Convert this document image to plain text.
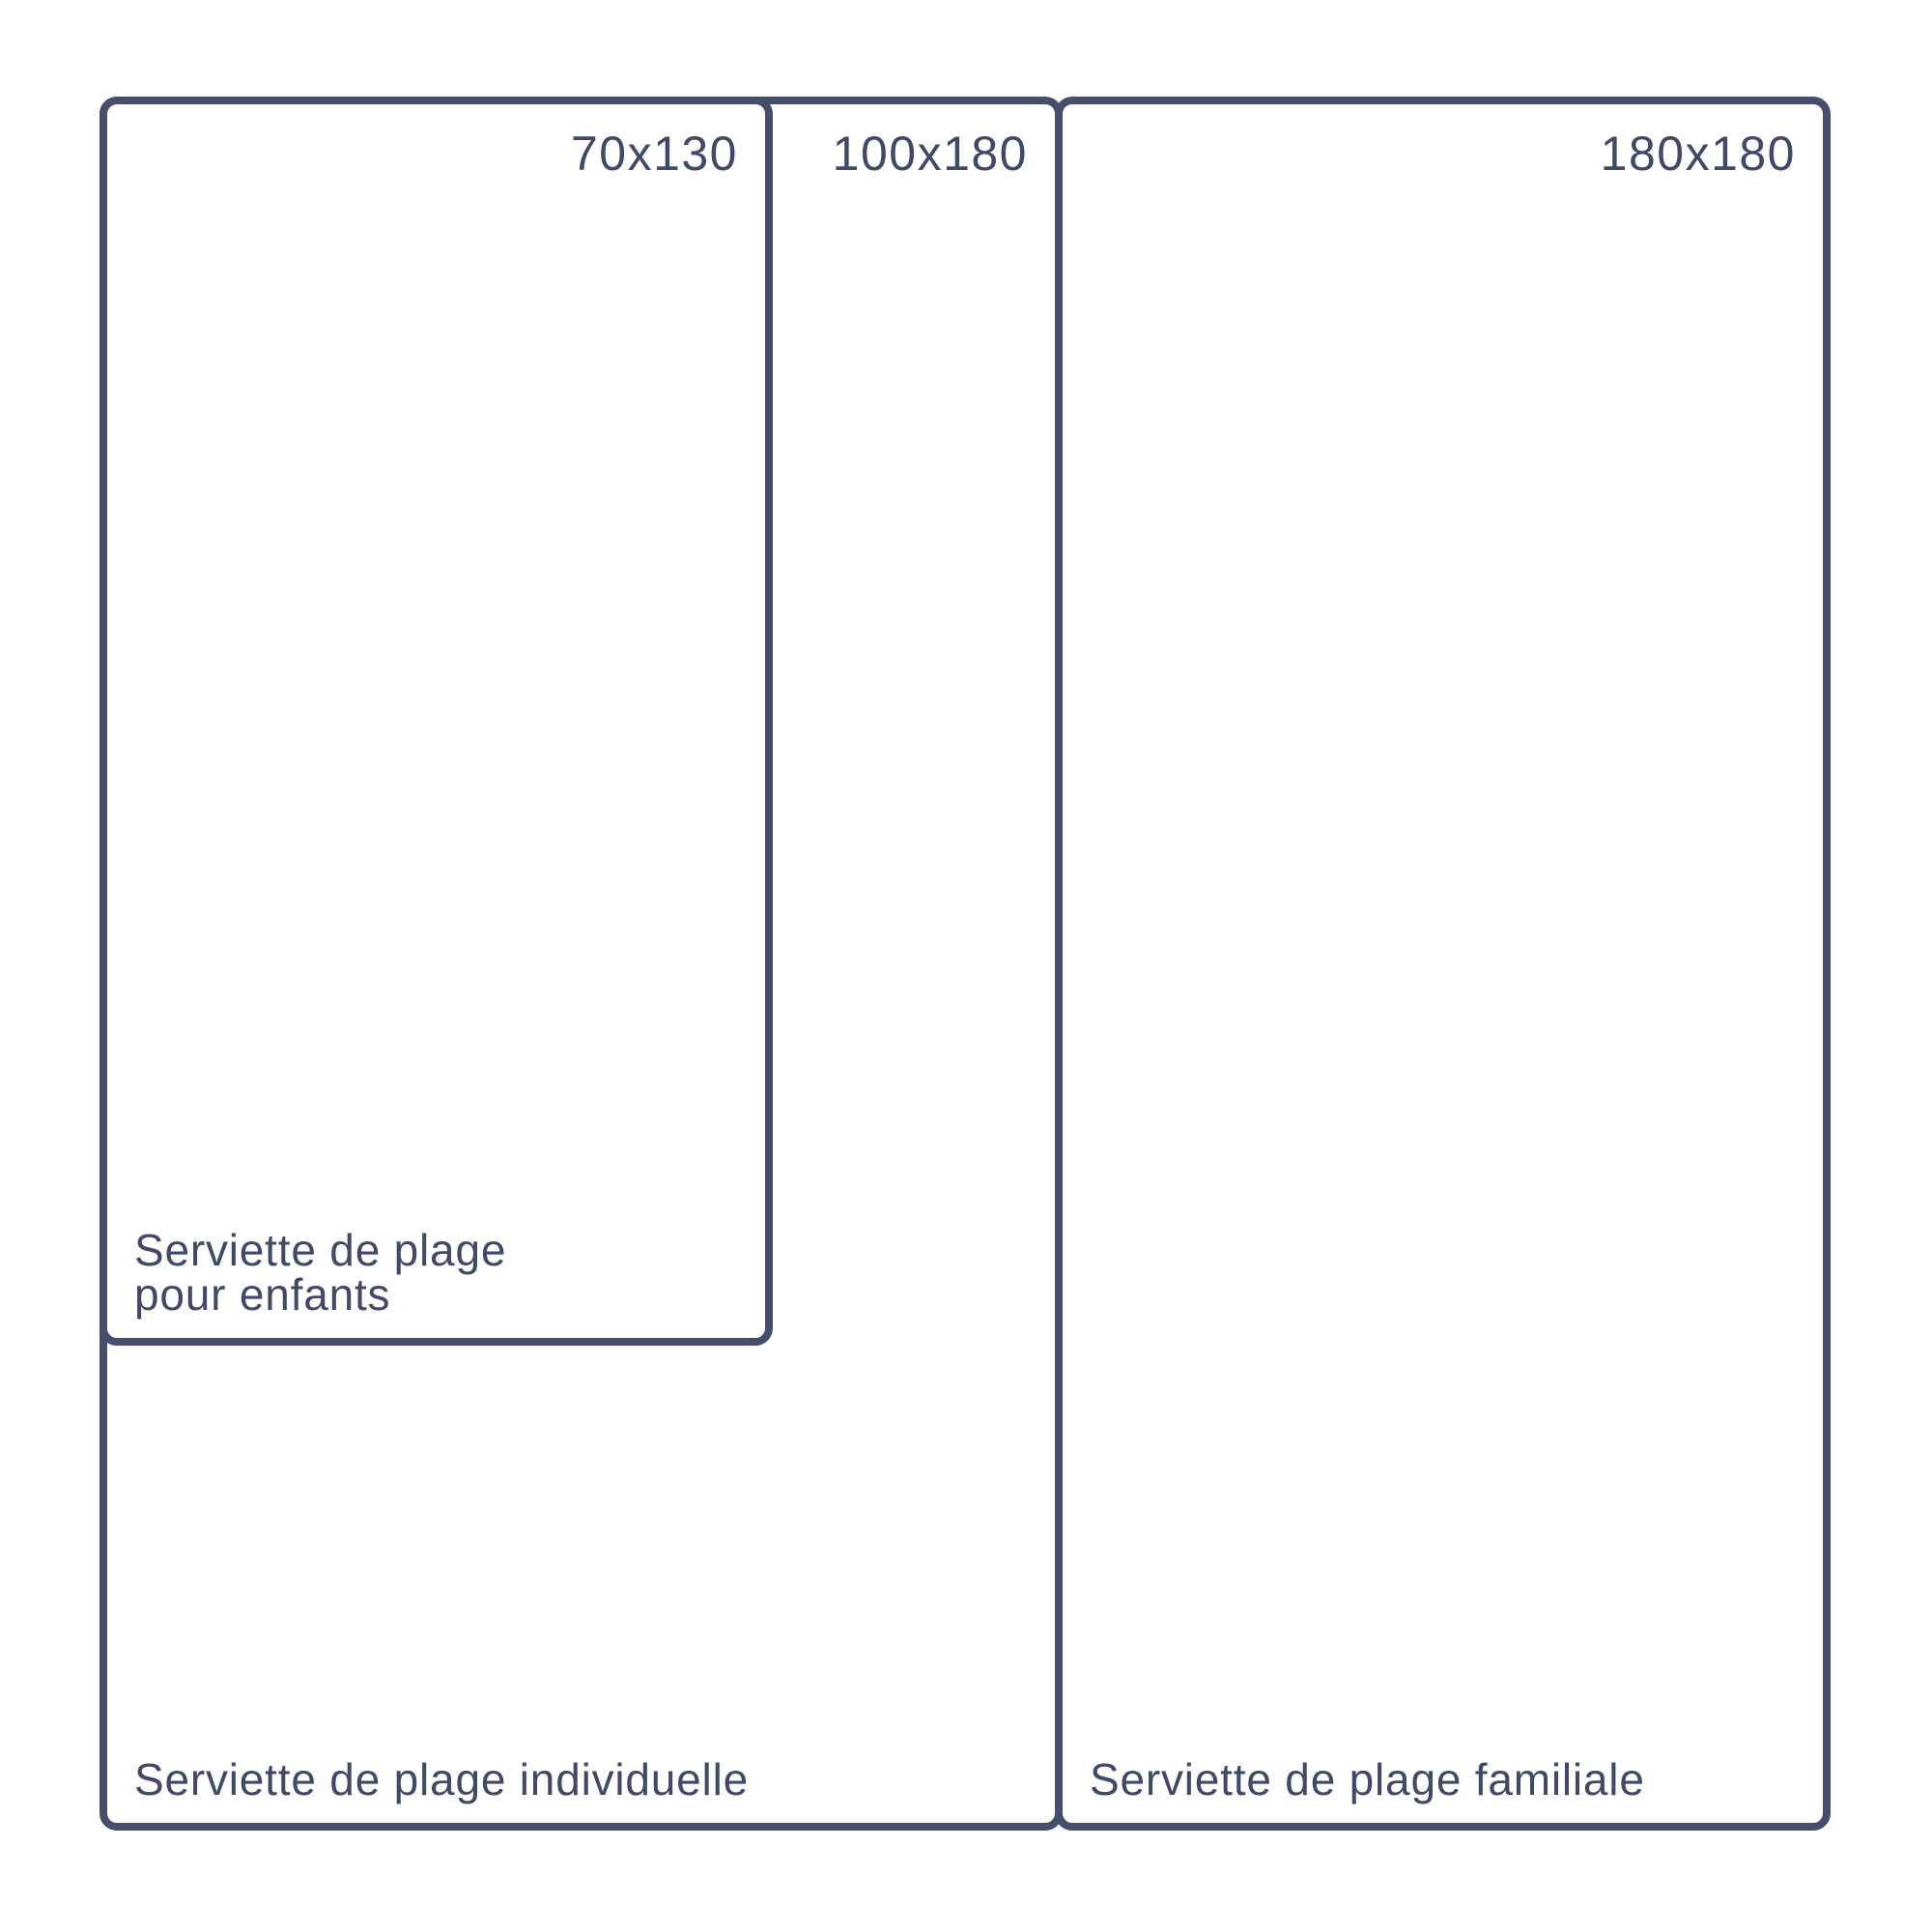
100x180
Serviette de plage individuelle
180x180
Serviette de plage familiale
70x130
Serviette de plage
pour enfants
